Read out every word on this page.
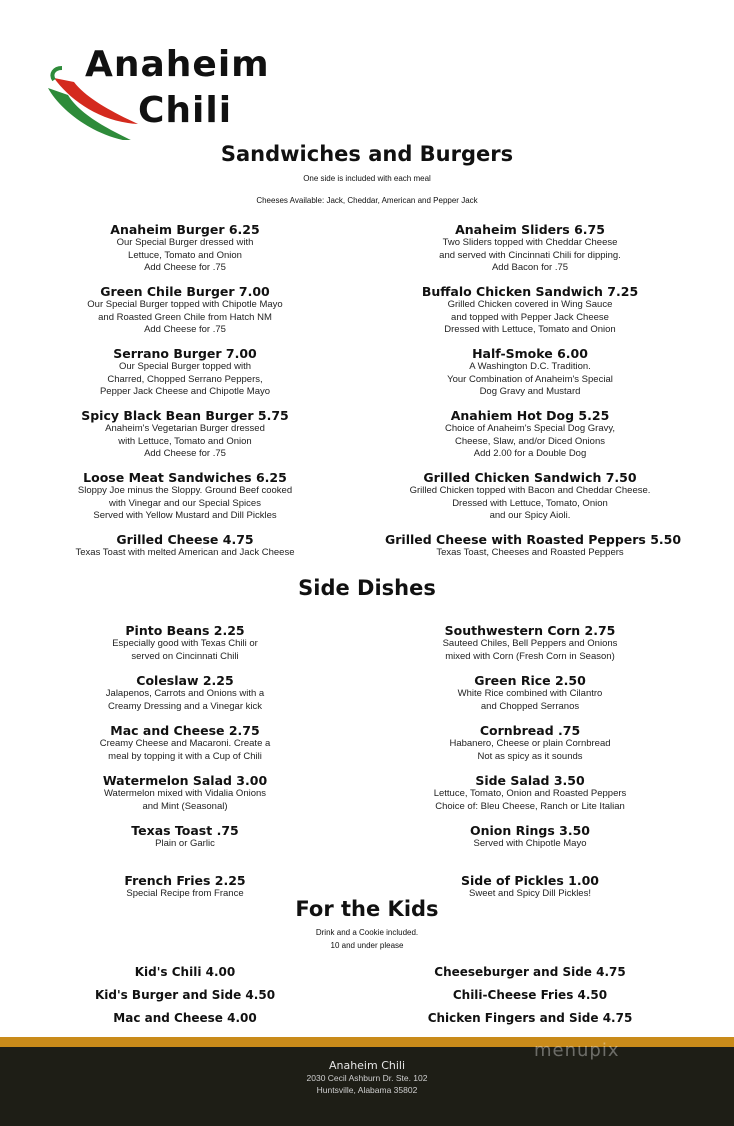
Anaheim
Chili
Sandwiches and Burgers

One side is included with each meal

Cheeses Available: Jack, Cheddar, American and Pepper Jack

Anaheim Burger 6.25
Our Special Burger dressed with
Lettuce, Tomato and Onion
Add Cheese for .75
Green Chile Burger 7.00
Our Special Burger topped with Chipotle Mayo
and Roasted Green Chile from Hatch NM
Add Cheese for .75
Serrano Burger 7.00
Our Special Burger topped with
Charred, Chopped Serrano Peppers,
Pepper Jack Cheese and Chipotle Mayo
Spicy Black Bean Burger 5.75
Anaheim's Vegetarian Burger dressed
with Lettuce, Tomato and Onion
Add Cheese for .75
Loose Meat Sandwiches 6.25
Sloppy Joe minus the Sloppy. Ground Beef cooked
with Vinegar and our Special Spices
Served with Yellow Mustard and Dill Pickles
Grilled Cheese 4.75
Texas Toast with melted American and Jack Cheese
Anaheim Sliders 6.75
Two Sliders topped with Cheddar Cheese
and served with Cincinnati Chili for dipping.
Add Bacon for .75
Buffalo Chicken Sandwich 7.25
Grilled Chicken covered in Wing Sauce
and topped with Pepper Jack Cheese
Dressed with Lettuce, Tomato and Onion
Half-Smoke 6.00
A Washington D.C. Tradition.
Your Combination of Anaheim's Special
Dog Gravy and Mustard
Anahiem Hot Dog 5.25
Choice of Anaheim's Special Dog Gravy,
Cheese, Slaw, and/or Diced Onions
Add 2.00 for a Double Dog
Grilled Chicken Sandwich 7.50
Grilled Chicken topped with Bacon and Cheddar Cheese.
Dressed with Lettuce, Tomato, Onion
and our Spicy Aioli.
Grilled Cheese with Roasted Peppers 5.50
Texas Toast, Cheeses and Roasted Peppers
Side Dishes
Pinto Beans 2.25
Especially good with Texas Chili or
served on Cincinnati Chili
Coleslaw 2.25
Jalapenos, Carrots and Onions with a
Creamy Dressing and a Vinegar kick
Mac and Cheese 2.75
Creamy Cheese and Macaroni. Create a
meal by topping it with a Cup of Chili
Watermelon Salad 3.00
Watermelon mixed with Vidalia Onions
and Mint (Seasonal)
Texas Toast .75
Plain or Garlic
French Fries 2.25
Special Recipe from France
Southwestern Corn 2.75
Sauteed Chiles, Bell Peppers and Onions
mixed with Corn (Fresh Corn in Season)
Green Rice 2.50
White Rice combined with Cilantro
and Chopped Serranos
Cornbread .75
Habanero, Cheese or plain Cornbread
Not as spicy as it sounds
Side Salad 3.50
Lettuce, Tomato, Onion and Roasted Peppers
Choice of: Bleu Cheese, Ranch or Lite Italian
Onion Rings 3.50
Served with Chipotle Mayo
Side of Pickles 1.00
Sweet and Spicy Dill Pickles!
For the Kids

Drink and a Cookie included.

10 and under please

Kid's Chili 4.00
Kid's Burger and Side 4.50
Mac and Cheese 4.00
Cheeseburger and Side 4.75
Chili-Cheese Fries 4.50
Chicken Fingers and Side 4.75
Anaheim Chili
2030 Cecil Ashburn Dr. Ste. 102
Huntsville, Alabama 35802
menupix
